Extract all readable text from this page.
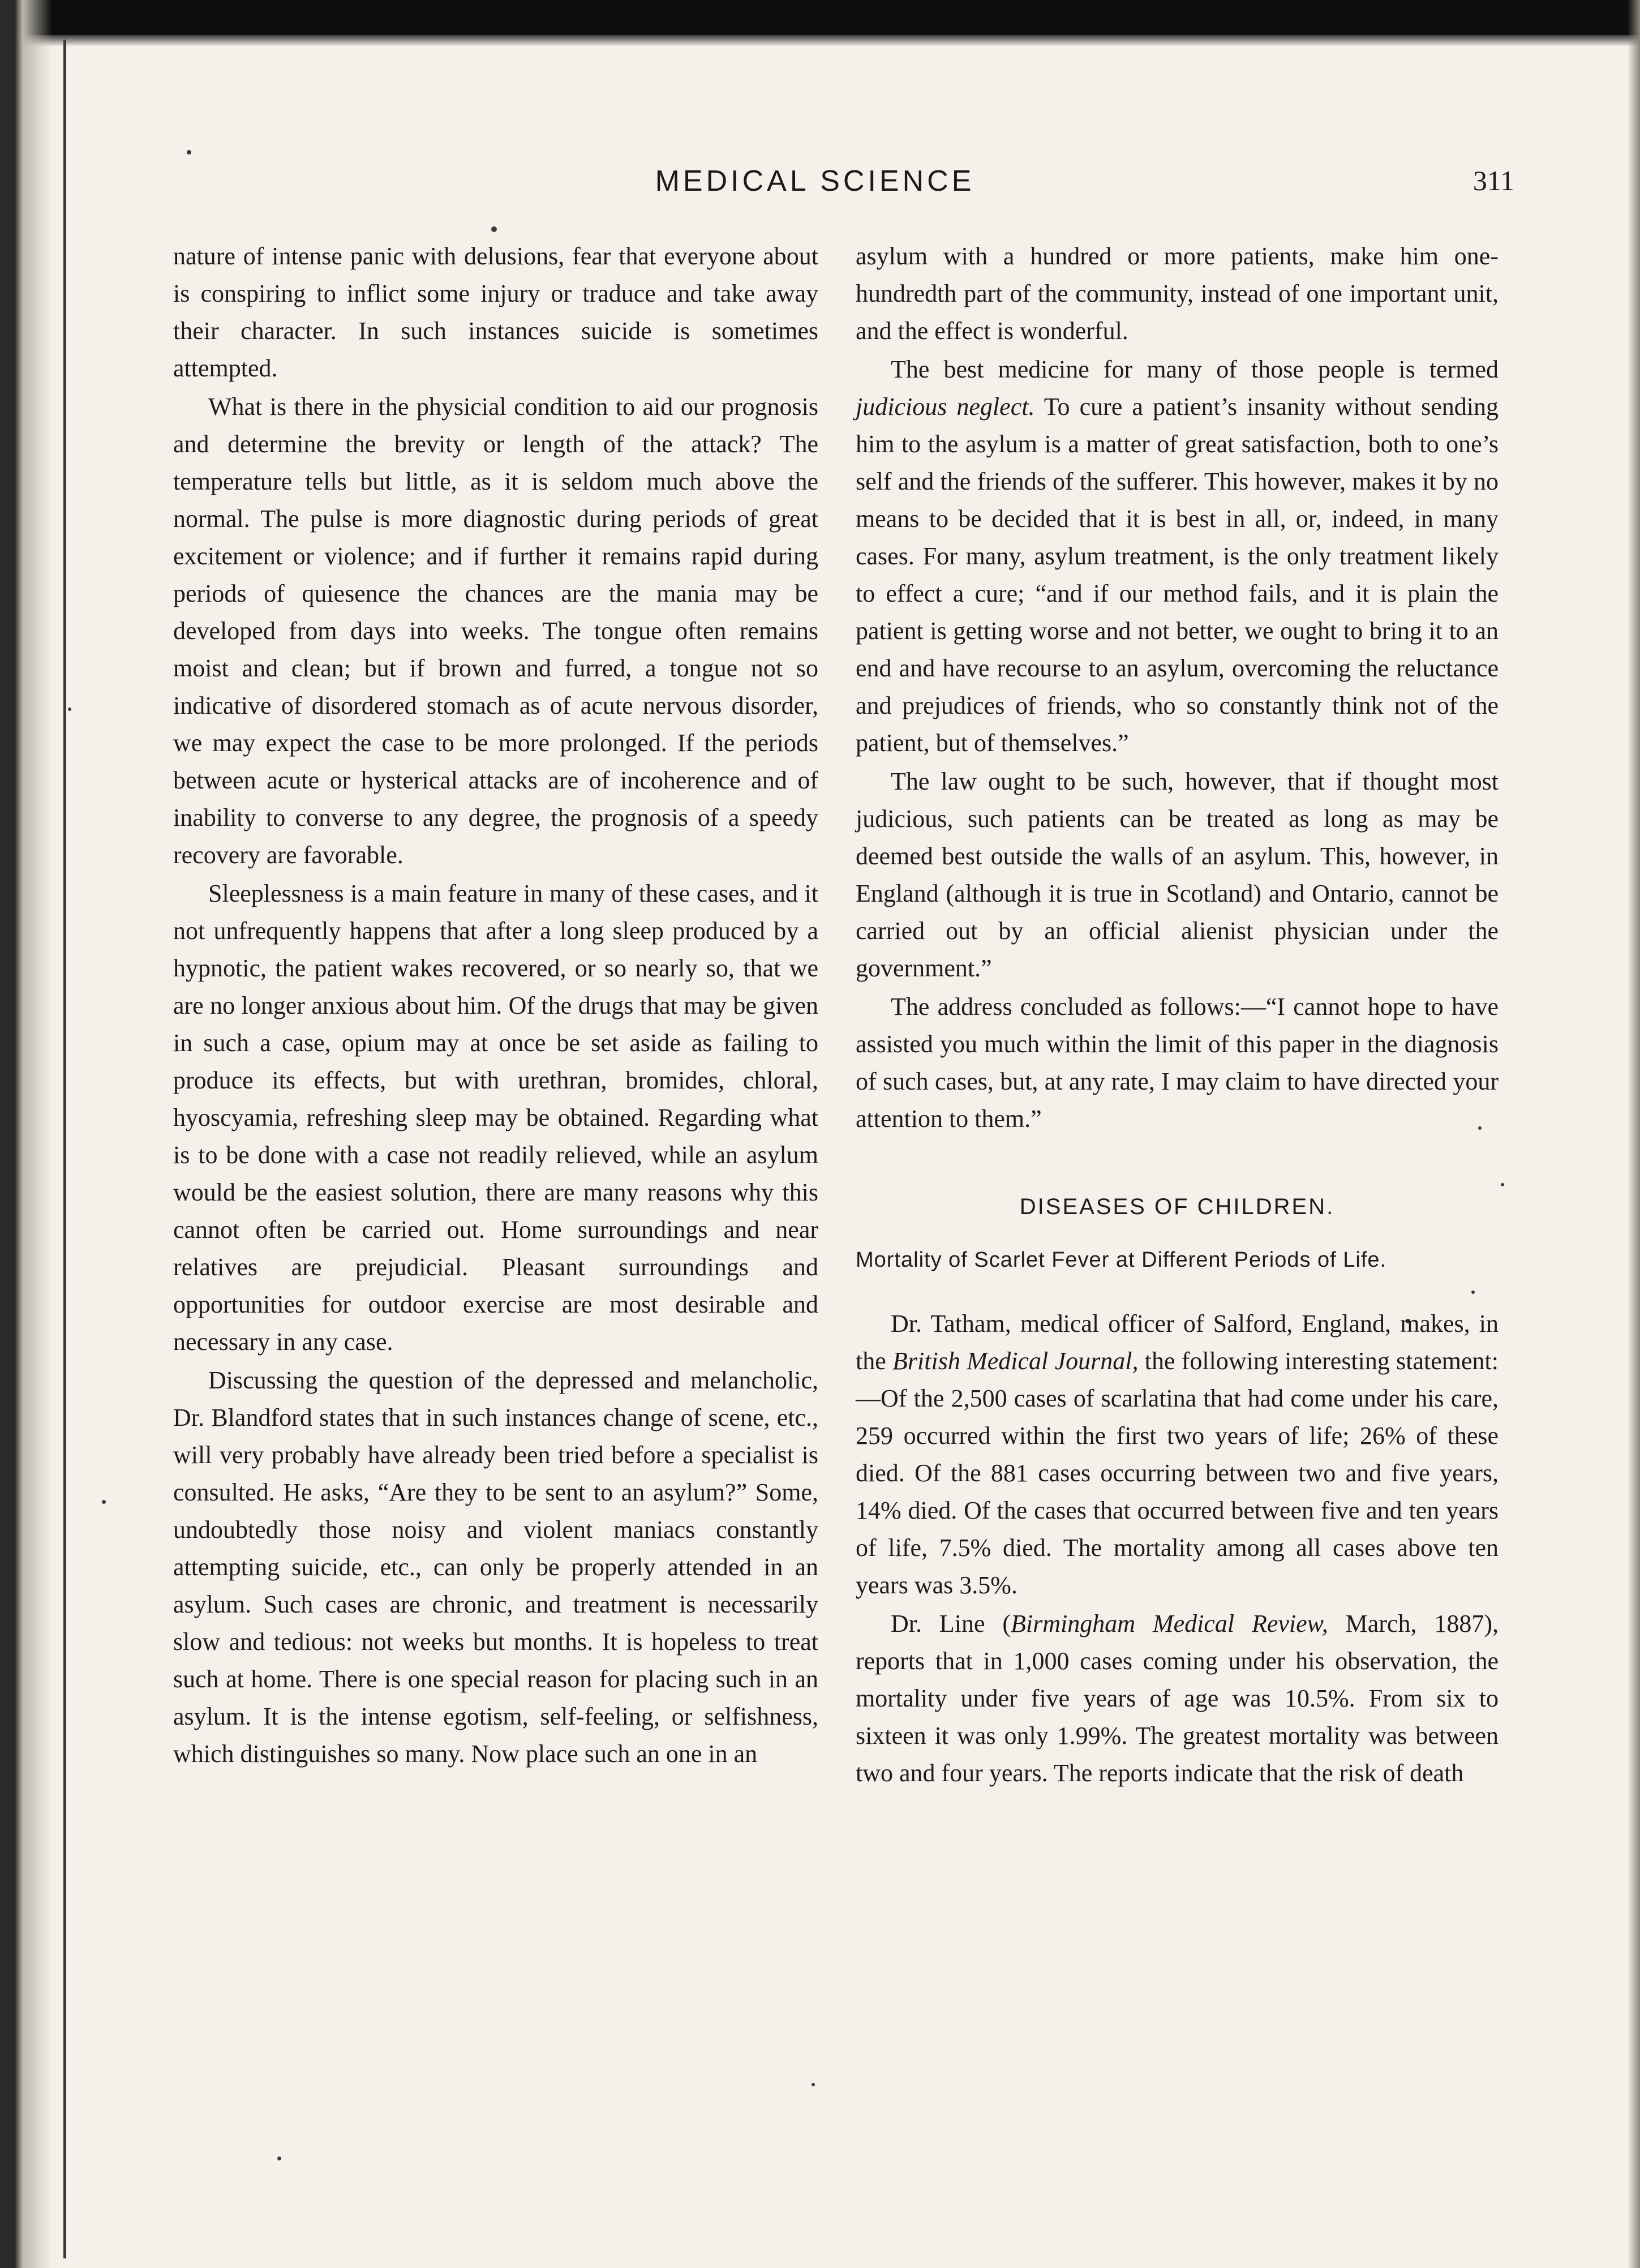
MEDICAL SCIENCE	311

nature of intense panic with delusions, fear that everyone about is conspiring to inflict some injury or traduce and take away their character. In such instances suicide is sometimes attempted.

What is there in the physicial condition to aid our prognosis and determine the brevity or length of the attack? The temperature tells but little, as it is seldom much above the normal. The pulse is more diagnostic during periods of great excitement or violence; and if further it remains rapid during periods of quiesence the chances are the mania may be developed from days into weeks. The tongue often remains moist and clean; but if brown and furred, a tongue not so indicative of disordered stomach as of acute nervous disorder, we may expect the case to be more prolonged. If the periods between acute or hysterical attacks are of incoherence and of inability to converse to any degree, the prognosis of a speedy recovery are favorable.

Sleeplessness is a main feature in many of these cases, and it not unfrequently happens that after a long sleep produced by a hypnotic, the patient wakes recovered, or so nearly so, that we are no longer anxious about him. Of the drugs that may be given in such a case, opium may at once be set aside as failing to produce its effects, but with urethran, bromides, chloral, hyoscyamia, refreshing sleep may be obtained. Regarding what is to be done with a case not readily relieved, while an asylum would be the easiest solution, there are many reasons why this cannot often be carried out. Home surroundings and near relatives are prejudicial. Pleasant surroundings and opportunities for outdoor exercise are most desirable and necessary in any case.

Discussing the question of the depressed and melancholic, Dr. Blandford states that in such instances change of scene, etc., will very probably have already been tried before a specialist is consulted. He asks, “Are they to be sent to an asylum?” Some, undoubtedly those noisy and violent maniacs constantly attempting suicide, etc., can only be properly attended in an asylum. Such cases are chronic, and treatment is necessarily slow and tedious: not weeks but months. It is hopeless to treat such at home. There is one special reason for placing such in an asylum. It is the intense egotism, self-feeling, or selfishness, which distinguishes so many. Now place such an one in an

asylum with a hundred or more patients, make him one-hundredth part of the community, instead of one important unit, and the effect is wonderful.

The best medicine for many of those people is termed judicious neglect. To cure a patient’s insanity without sending him to the asylum is a matter of great satisfaction, both to one’s self and the friends of the sufferer. This however, makes it by no means to be decided that it is best in all, or, indeed, in many cases. For many, asylum treatment, is the only treatment likely to effect a cure; “and if our method fails, and it is plain the patient is getting worse and not better, we ought to bring it to an end and have recourse to an asylum, overcoming the reluctance and prejudices of friends, who so constantly think not of the patient, but of themselves.”

The law ought to be such, however, that if thought most judicious, such patients can be treated as long as may be deemed best outside the walls of an asylum. This, however, in England (although it is true in Scotland) and Ontario, cannot be carried out by an official alienist physician under the government.”

The address concluded as follows:—“I cannot hope to have assisted you much within the limit of this paper in the diagnosis of such cases, but, at any rate, I may claim to have directed your attention to them.”

DISEASES OF CHILDREN.
Mortality of Scarlet Fever at Different Periods of Life.

Dr. Tatham, medical officer of Salford, England, makes, in the British Medical Journal, the following interesting statement:—Of the 2,500 cases of scarlatina that had come under his care, 259 occurred within the first two years of life; 26% of these died. Of the 881 cases occurring between two and five years, 14% died. Of the cases that occurred between five and ten years of life, 7.5% died. The mortality among all cases above ten years was 3.5%.

Dr. Line (Birmingham Medical Review, March, 1887), reports that in 1,000 cases coming under his observation, the mortality under five years of age was 10.5%. From six to sixteen it was only 1.99%. The greatest mortality was between two and four years. The reports indicate that the risk of death
